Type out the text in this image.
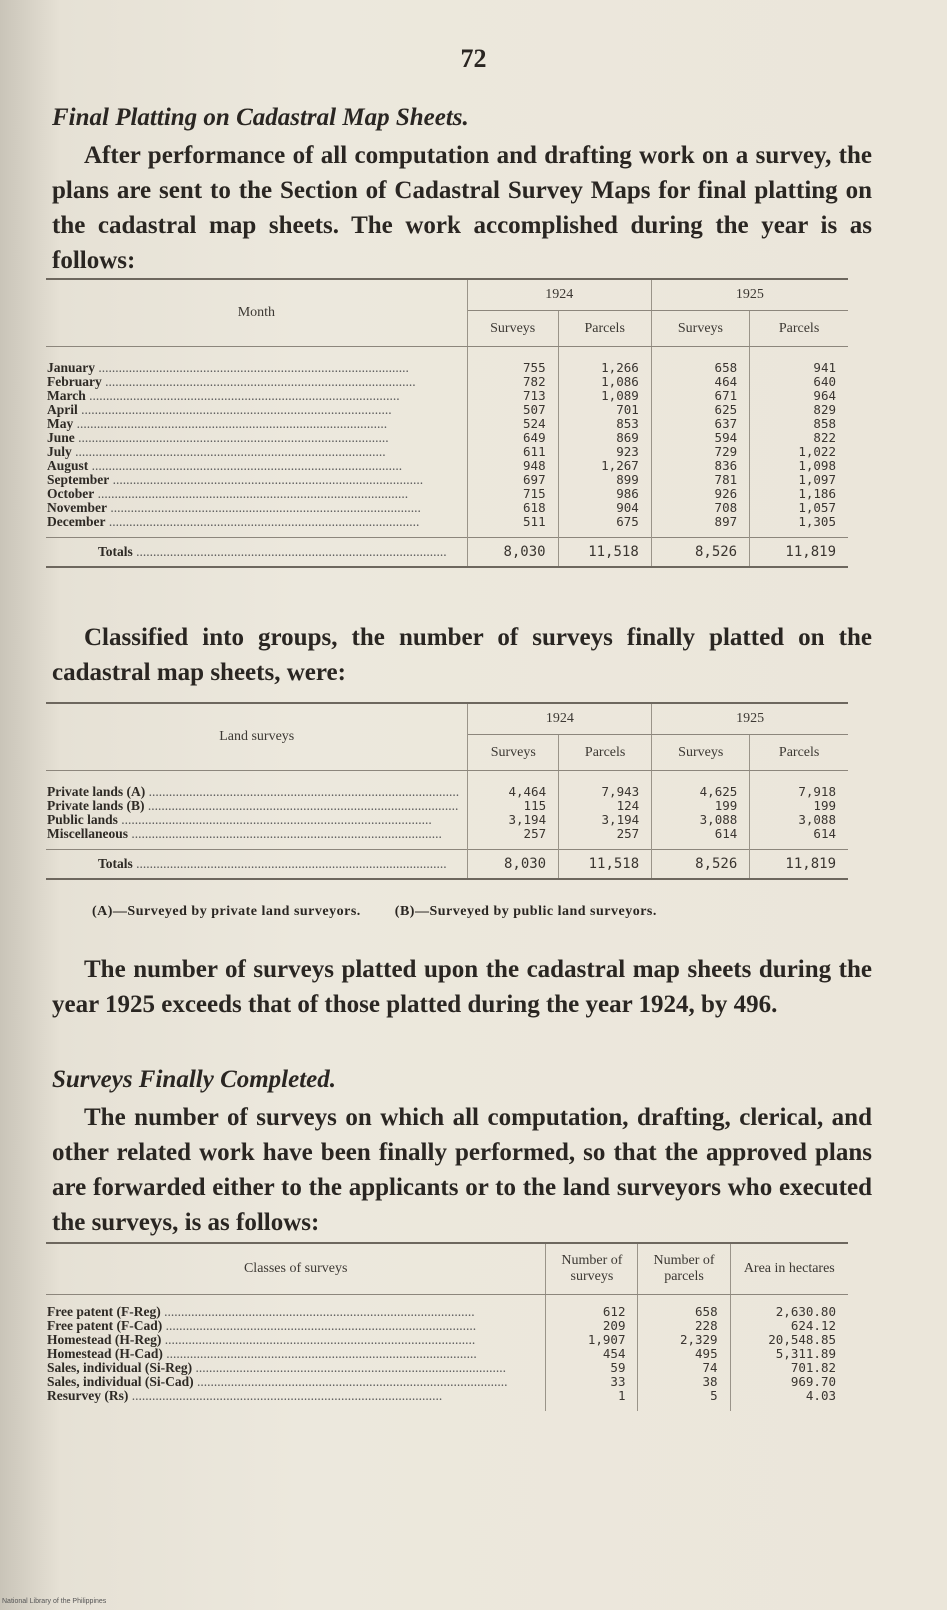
72
Final Platting on Cadastral Map Sheets.
After performance of all computation and drafting work on a survey, the plans are sent to the Section of Cadastral Survey Maps for final platting on the cadastral map sheets. The work accomplished during the year is as follows:
Month	1924		1925	
	Surveys	Parcels	Surveys	Parcels
January .....	755	1,266	658	941
February .....	782	1,086	464	640
March .....	713	1,089	671	964
April .....	507	701	625	829
May .....	524	853	637	858
June .....	649	869	594	822
July .....	611	923	729	1,022
August .....	948	1,267	836	1,098
September .....	697	899	781	1,097
October .....	715	986	926	1,186
November .....	618	904	708	1,057
December .....	511	675	897	1,305
Totals .....	8,030	11,518	8,526	11,819
Classified into groups, the number of surveys finally platted on the cadastral map sheets, were:
Land surveys	1924		1925	
	Surveys	Parcels	Surveys	Parcels
Private lands (A) .....	4,464	7,943	4,625	7,918
Private lands (B) .....	115	124	199	199
Public lands .....	3,194	3,194	3,088	3,088
Miscellaneous .....	257	257	614	614
Totals .....	8,030	11,518	8,526	11,819
(A)—Surveyed by private land surveyors. (B)—Surveyed by public land surveyors.
The number of surveys platted upon the cadastral map sheets during the year 1925 exceeds that of those platted during the year 1924, by 496.
Surveys Finally Completed.
The number of surveys on which all computation, drafting, clerical, and other related work have been finally performed, so that the approved plans are forwarded either to the applicants or to the land surveyors who executed the surveys, is as follows:
Classes of surveys	Number of surveys	Number of parcels	Area in hectares
Free patent (F-Reg) .....	612	658	2,630.80
Free patent (F-Cad) .....	209	228	624.12
Homestead (H-Reg) .....	1,907	2,329	20,548.85
Homestead (H-Cad) .....	454	495	5,311.89
Sales, individual (Si-Reg) .....	59	74	701.82
Sales, individual (Si-Cad) .....	33	38	969.70
Resurvey (Rs) .....	1	5	4.03
National Library of the Philippines
